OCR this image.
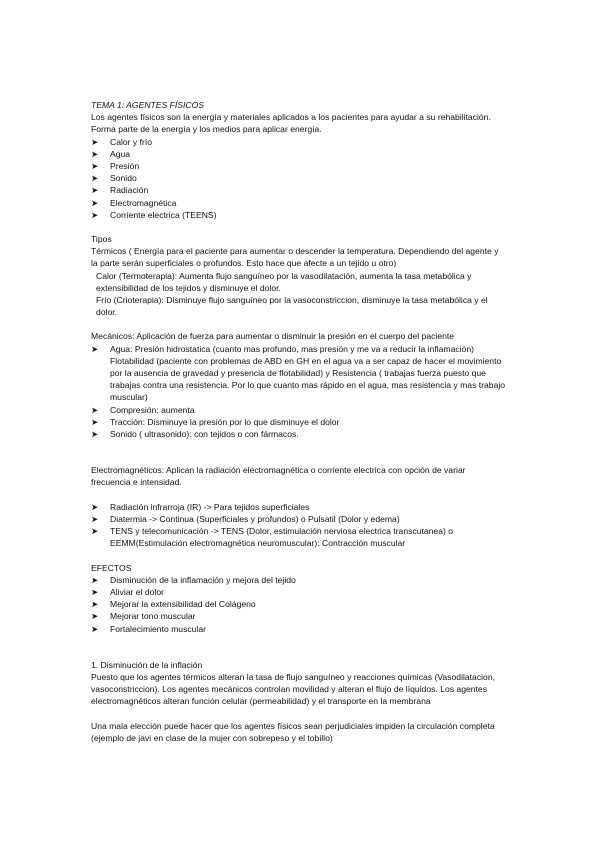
TEMA 1: AGENTES FÍSICOS

Los agentes físicos son la energía y materiales aplicados a los pacientes para ayudar a su rehabilitación. Forma parte de la energía y los medios para aplicar energía.

➤ Calor y frío
➤ Agua
➤ Presión
➤ Sonido
➤ Radiación
➤ Electromagnética
➤ Corriente electrica (TEENS)

Tipos

Térmicos ( Energía para el paciente para aumentar o descender la temperatura. Dependiendo del agente y la parte serán superficiales o profundos. Esto hace que afecte a un tejido u otro)

Calor (Termoterapia): Aumenta flujo sanguíneo por la vasodilatación, aumenta la tasa metabólica y extensibilidad de los tejidos y disminuye el dolor.

Frío (Crioterapia): Disminuye flujo sanguíneo por la vasoconstriccion, disminuye la tasa metabólica y el dolor.

Mecánicos: Aplicación de fuerza para aumentar o disminuir la presión en el cuerpo del paciente

➤ Agua: Presión hidrostatica (cuanto mas profundo, mas presión y me va a reducir la inflamación) Flotabilidad (paciente con problemas de ABD en GH en el agua va a ser capaz de hacer el movimiento por la ausencia de gravedad y presencia de flotabilidad) y Resistencia ( trabajas fuerza puesto que trabajas contra una resistencia. Por lo que cuanto mas rápido en el agua, mas resistencia y mas trabajo muscular)
➤ Compresión: aumenta
➤ Tracción: Disminuye la presión por lo que disminuye el dolor
➤ Sonido ( ultrasonido): con tejidos o con fármacos.

Electromagnéticos: Aplican la radiación electromagnética o corriente electrica con opción de variar frecuencia e intensidad.

➤ Radiación infrarroja (IR) -> Para tejidos superficiales
➤ Diatermia -> Continua (Superficiales y profundos) o Pulsatil (Dolor y edema)
➤ TENS y telecomunicación -> TENS (Dolor, estimulación nerviosa electrica transcutanea) o EEMM(Estimulación electromagnética neuromuscular): Contracción muscular

EFECTOS

➤ Disminución de la inflamación y mejora del tejido
➤ Aliviar el dolor
➤ Mejorar la extensibilidad del Colágeno
➤ Mejorar tono muscular
➤ Fortalecimiento muscular

1. Disminución de la inflación

Puesto que los agentes térmicos alteran la tasa de flujo sanguíneo y reacciones químicas (Vasodilatacion, vasoconstriccion). Los agentes mecánicos controlan movilidad y alteran el flujo de líquidos. Los agentes electromagnéticos alteran función celular (permeabilidad) y el transporte en la membrana

Una mala elección puede hacer que los agentes físicos sean perjudiciales impiden la circulación completa (ejemplo de javi en clase de la mujer con sobrepeso y el tobillo)
